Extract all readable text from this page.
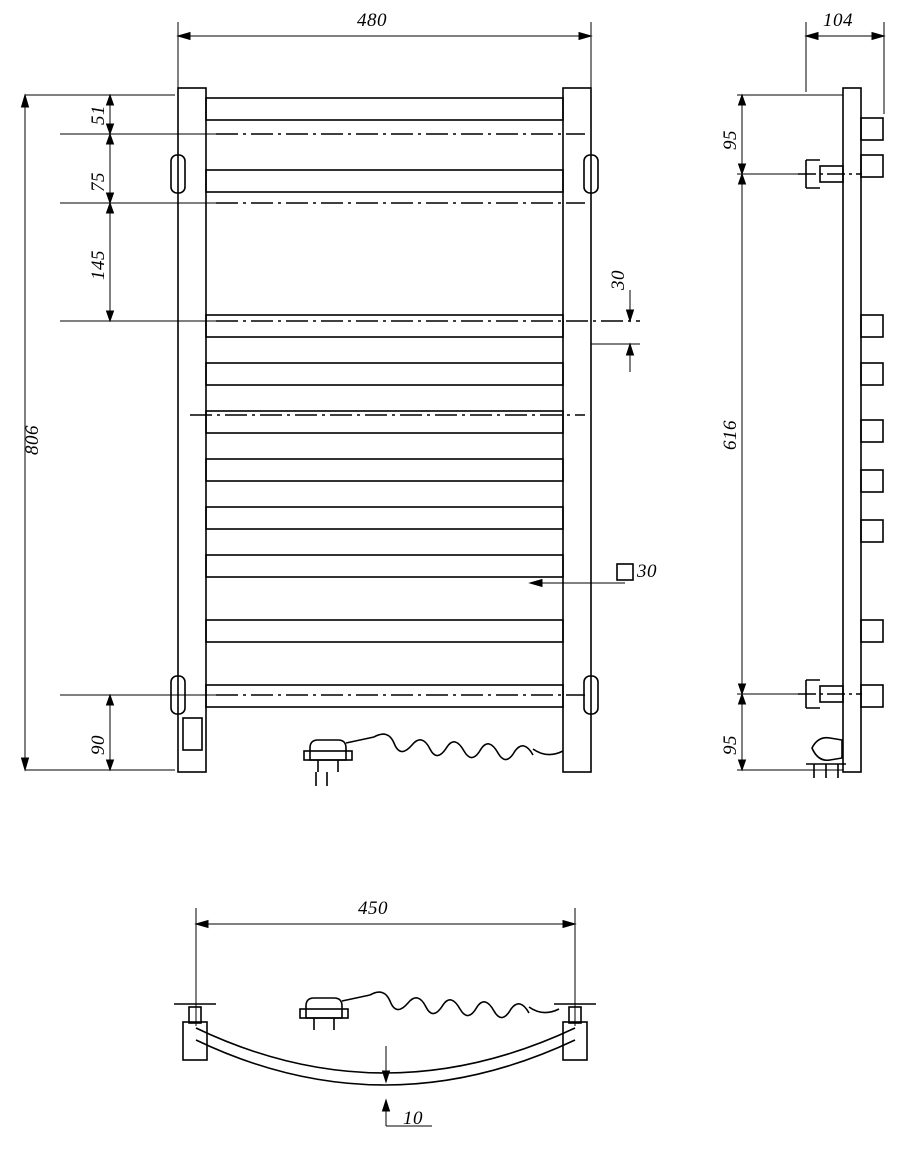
480
806
51
75
145
90
30
30
104
95
616
95
450
10
